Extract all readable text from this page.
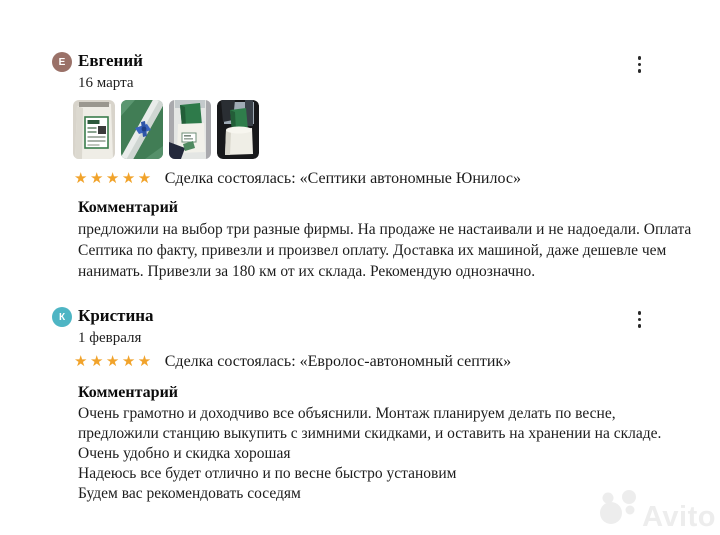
Е Евгений
16 марта
★★★★★ Сделка состоялась: «Септики автономные Юнилос»
Комментарий
предложили на выбор три разные фирмы. На продаже не настаивали и не надоедали. Оплата
Септика по факту, привезли и произвел оплату. Доставка их машиной, даже дешевле чем
нанимать. Привезли за 180 км от их склада. Рекомендую однозначно.
К Кристина
1 февраля
★★★★★ Сделка состоялась: «Евролос-автономный септик»
Комментарий
Очень грамотно и доходчиво все объяснили. Монтаж планируем делать по весне,
предложили станцию выкупить с зимними скидками, и оставить на хранении на складе.
Очень удобно и скидка хорошая
Надеюсь все будет отлично и по весне быстро установим
Будем вас рекомендовать соседям
Avito
